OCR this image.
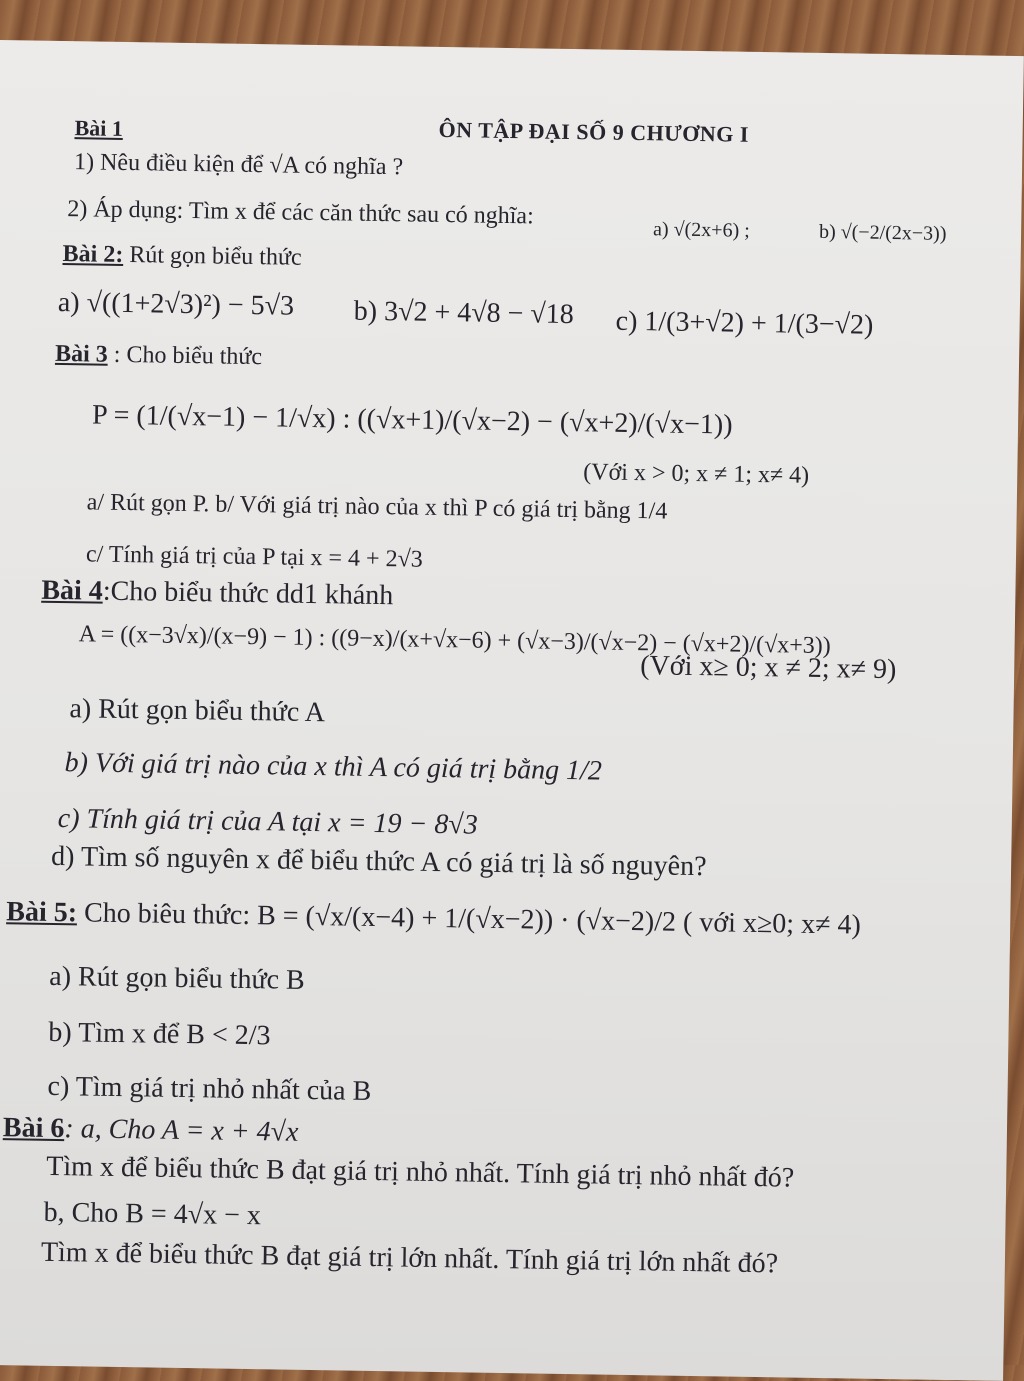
ÔN TẬP ĐẠI SỐ 9 CHƯƠNG I
Bài 1
1) Nêu điều kiện để √A có nghĩa ?
2) Áp dụng: Tìm x để các căn thức sau có nghĩa:
a) √(2x+6) ;	b) √(−2/(2x−3))
Bài 2: Rút gọn biểu thức
a) √((1+2√3)²) − 5√3 b) 3√2 + 4√8 − √18 c) 1/(3+√2) + 1/(3−√2)
Bài 3 : Cho biểu thức
P = (1/(√x−1) − 1/√x) : ((√x+1)/(√x−2) − (√x+2)/(√x−1))
(Với x > 0; x ≠ 1; x≠ 4)
a/ Rút gọn P. b/ Với giá trị nào của x thì P có giá trị bằng 1/4
c/ Tính giá trị của P tại x = 4 + 2√3
Bài 4:Cho biểu thức dd1 khánh
A = ((x−3√x)/(x−9) − 1) : ((9−x)/(x+√x−6) + (√x−3)/(√x−2) − (√x+2)/(√x+3))
(Với x≥ 0; x ≠ 2; x≠ 9)
a) Rút gọn biểu thức A
b) Với giá trị nào của x thì A có giá trị bằng 1/2
c) Tính giá trị của A tại x = 19 − 8√3
d) Tìm số nguyên x để biểu thức A có giá trị là số nguyên?
Bài 5: Cho biêu thức: B = (√x/(x−4) + 1/(√x−2)) · (√x−2)/2 ( với x≥0; x≠ 4)
a) Rút gọn biểu thức B
b) Tìm x để B < 2/3
c) Tìm giá trị nhỏ nhất của B
Bài 6: a, Cho A = x + 4√x
Tìm x để biểu thức B đạt giá trị nhỏ nhất. Tính giá trị nhỏ nhất đó?
b, Cho B = 4√x − x
Tìm x để biểu thức B đạt giá trị lớn nhất. Tính giá trị lớn nhất đó?
